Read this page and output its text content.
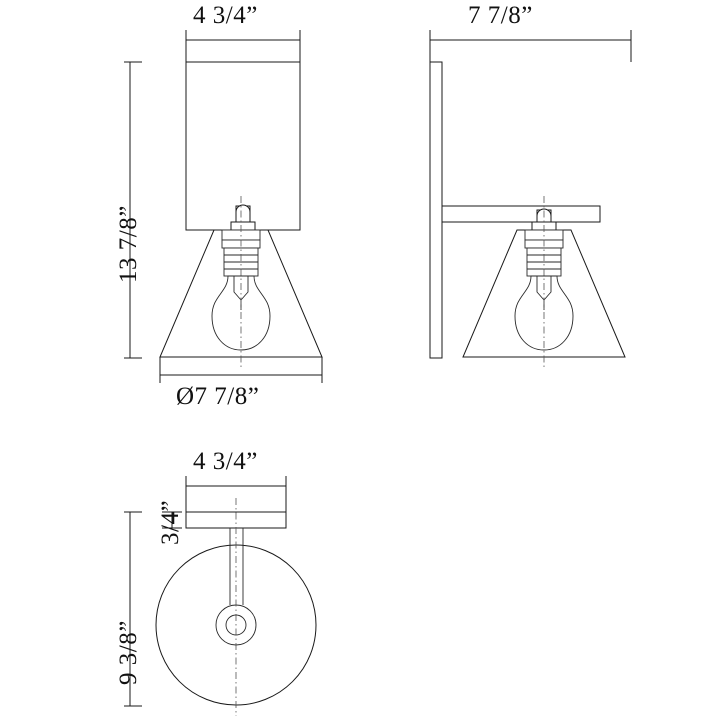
4 3/4”	7 7/8”
13 7/8”
Ø7 7/8”
4 3/4”
3/4”
9 3/8”
